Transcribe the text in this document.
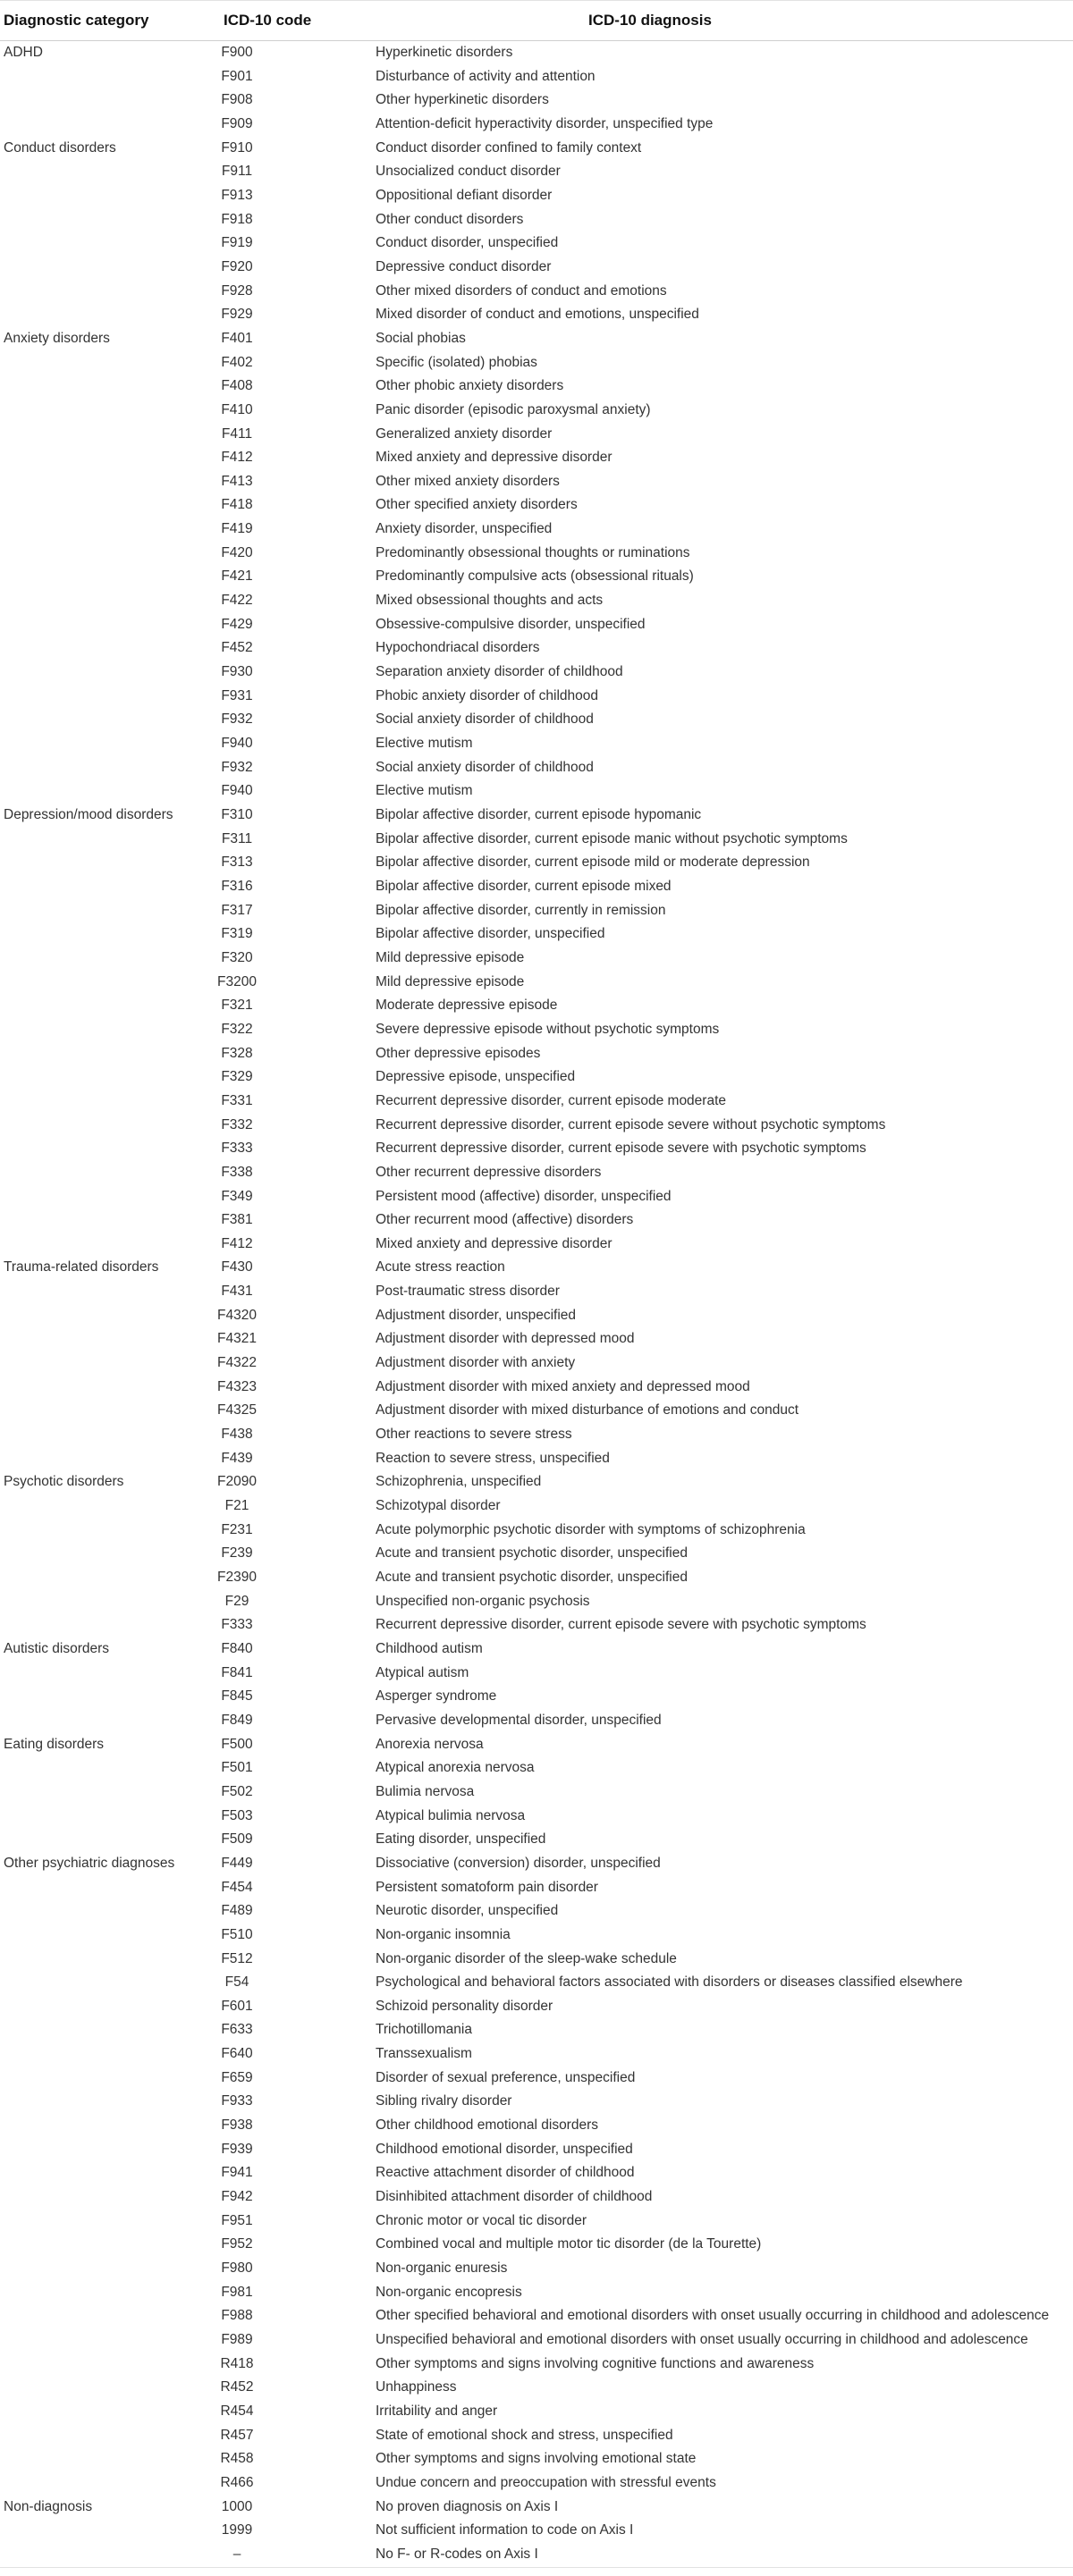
Diagnostic category	ICD-10 code	ICD-10 diagnosis
ADHD	F900	Hyperkinetic disorders
	F901	Disturbance of activity and attention
	F908	Other hyperkinetic disorders
	F909	Attention-deficit hyperactivity disorder, unspecified type
Conduct disorders	F910	Conduct disorder confined to family context
	F911	Unsocialized conduct disorder
	F913	Oppositional defiant disorder
	F918	Other conduct disorders
	F919	Conduct disorder, unspecified
	F920	Depressive conduct disorder
	F928	Other mixed disorders of conduct and emotions
	F929	Mixed disorder of conduct and emotions, unspecified
Anxiety disorders	F401	Social phobias
	F402	Specific (isolated) phobias
	F408	Other phobic anxiety disorders
	F410	Panic disorder (episodic paroxysmal anxiety)
	F411	Generalized anxiety disorder
	F412	Mixed anxiety and depressive disorder
	F413	Other mixed anxiety disorders
	F418	Other specified anxiety disorders
	F419	Anxiety disorder, unspecified
	F420	Predominantly obsessional thoughts or ruminations
	F421	Predominantly compulsive acts (obsessional rituals)
	F422	Mixed obsessional thoughts and acts
	F429	Obsessive-compulsive disorder, unspecified
	F452	Hypochondriacal disorders
	F930	Separation anxiety disorder of childhood
	F931	Phobic anxiety disorder of childhood
	F932	Social anxiety disorder of childhood
	F940	Elective mutism
	F932	Social anxiety disorder of childhood
	F940	Elective mutism
Depression/mood disorders	F310	Bipolar affective disorder, current episode hypomanic
	F311	Bipolar affective disorder, current episode manic without psychotic symptoms
	F313	Bipolar affective disorder, current episode mild or moderate depression
	F316	Bipolar affective disorder, current episode mixed
	F317	Bipolar affective disorder, currently in remission
	F319	Bipolar affective disorder, unspecified
	F320	Mild depressive episode
	F3200	Mild depressive episode
	F321	Moderate depressive episode
	F322	Severe depressive episode without psychotic symptoms
	F328	Other depressive episodes
	F329	Depressive episode, unspecified
	F331	Recurrent depressive disorder, current episode moderate
	F332	Recurrent depressive disorder, current episode severe without psychotic symptoms
	F333	Recurrent depressive disorder, current episode severe with psychotic symptoms
	F338	Other recurrent depressive disorders
	F349	Persistent mood (affective) disorder, unspecified
	F381	Other recurrent mood (affective) disorders
	F412	Mixed anxiety and depressive disorder
Trauma-related disorders	F430	Acute stress reaction
	F431	Post-traumatic stress disorder
	F4320	Adjustment disorder, unspecified
	F4321	Adjustment disorder with depressed mood
	F4322	Adjustment disorder with anxiety
	F4323	Adjustment disorder with mixed anxiety and depressed mood
	F4325	Adjustment disorder with mixed disturbance of emotions and conduct
	F438	Other reactions to severe stress
	F439	Reaction to severe stress, unspecified
Psychotic disorders	F2090	Schizophrenia, unspecified
	F21	Schizotypal disorder
	F231	Acute polymorphic psychotic disorder with symptoms of schizophrenia
	F239	Acute and transient psychotic disorder, unspecified
	F2390	Acute and transient psychotic disorder, unspecified
	F29	Unspecified non-organic psychosis
	F333	Recurrent depressive disorder, current episode severe with psychotic symptoms
Autistic disorders	F840	Childhood autism
	F841	Atypical autism
	F845	Asperger syndrome
	F849	Pervasive developmental disorder, unspecified
Eating disorders	F500	Anorexia nervosa
	F501	Atypical anorexia nervosa
	F502	Bulimia nervosa
	F503	Atypical bulimia nervosa
	F509	Eating disorder, unspecified
Other psychiatric diagnoses	F449	Dissociative (conversion) disorder, unspecified
	F454	Persistent somatoform pain disorder
	F489	Neurotic disorder, unspecified
	F510	Non-organic insomnia
	F512	Non-organic disorder of the sleep-wake schedule
	F54	Psychological and behavioral factors associated with disorders or diseases classified elsewhere
	F601	Schizoid personality disorder
	F633	Trichotillomania
	F640	Transsexualism
	F659	Disorder of sexual preference, unspecified
	F933	Sibling rivalry disorder
	F938	Other childhood emotional disorders
	F939	Childhood emotional disorder, unspecified
	F941	Reactive attachment disorder of childhood
	F942	Disinhibited attachment disorder of childhood
	F951	Chronic motor or vocal tic disorder
	F952	Combined vocal and multiple motor tic disorder (de la Tourette)
	F980	Non-organic enuresis
	F981	Non-organic encopresis
	F988	Other specified behavioral and emotional disorders with onset usually occurring in childhood and adolescence
	F989	Unspecified behavioral and emotional disorders with onset usually occurring in childhood and adolescence
	R418	Other symptoms and signs involving cognitive functions and awareness
	R452	Unhappiness
	R454	Irritability and anger
	R457	State of emotional shock and stress, unspecified
	R458	Other symptoms and signs involving emotional state
	R466	Undue concern and preoccupation with stressful events
Non-diagnosis	1000	No proven diagnosis on Axis I
	1999	Not sufficient information to code on Axis I
	–	No F- or R-codes on Axis I
